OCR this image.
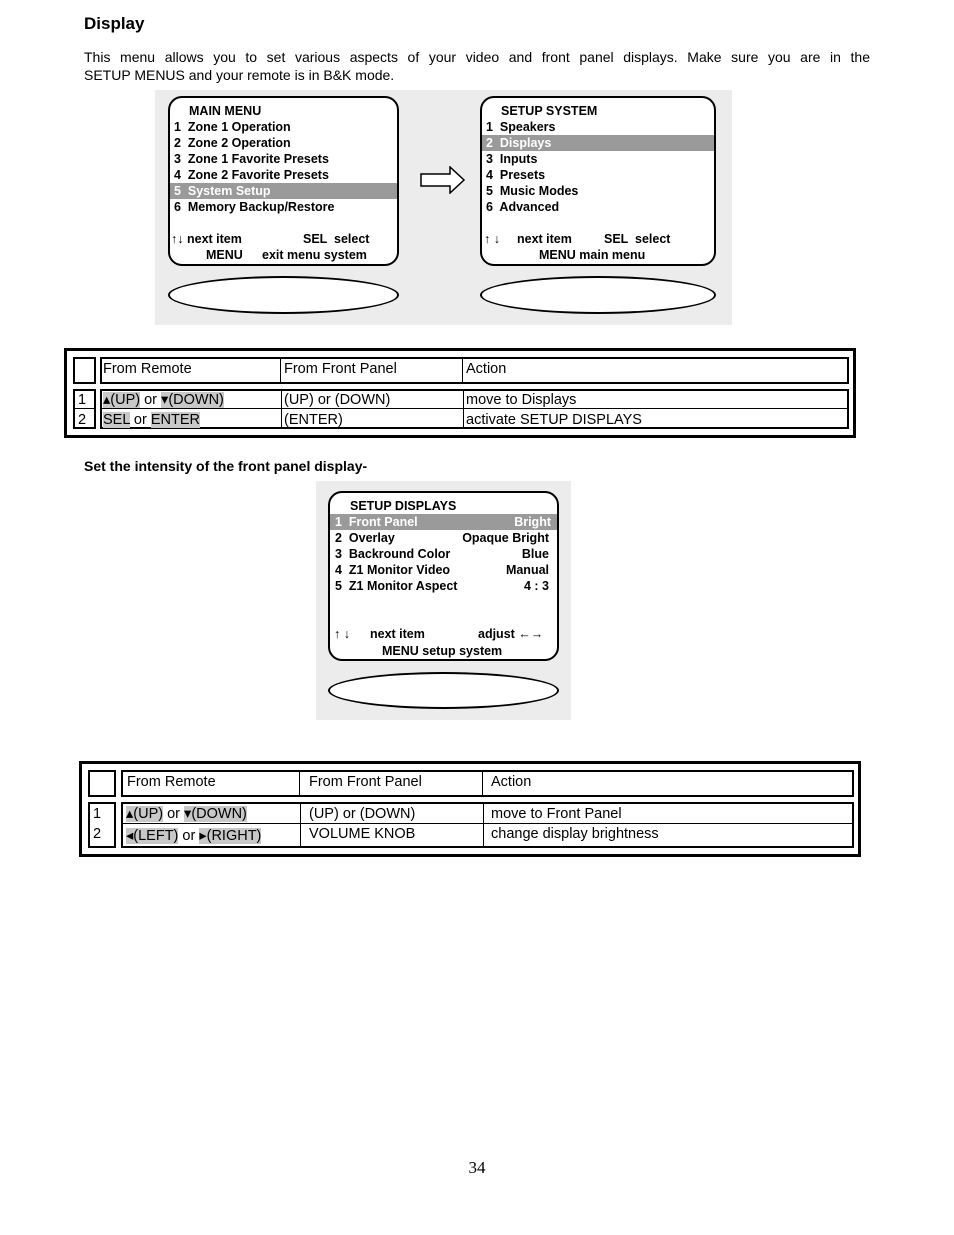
Display
This menu allows you to set various aspects of your video and front panel displays. Make sure you are in the
SETUP MENUS and your remote is in B&K mode.
MAIN MENU
1  Zone 1 Operation
2  Zone 2 Operation
3  Zone 1 Favorite Presets
4  Zone 2 Favorite Presets
5  System Setup
6  Memory Backup/Restore
↑↓ next item	SEL  select
MENU	exit menu system
SETUP SYSTEM
1  Speakers
2  Displays
3  Inputs
4  Presets
5  Music Modes
6  Advanced
↑ ↓	next item	SEL  select
MENU main menu
From Remote	From Front Panel	Action
1 ▴(UP) or ▾(DOWN)	(UP) or (DOWN)	move to Displays
2 SEL or ENTER	(ENTER)	activate SETUP DISPLAYS
Set the intensity of the front panel display-
SETUP DISPLAYS
1  Front Panel	Bright
2  Overlay	Opaque Bright
3  Backround Color	Blue
4  Z1 Monitor Video	Manual
5  Z1 Monitor Aspect	4 : 3
↑ ↓	next item	adjust ←→
MENU setup system
From Remote	From Front Panel	Action
1 ▴(UP) or ▾(DOWN)	(UP) or (DOWN)	move to Front Panel
2 ◂(LEFT) or ▸(RIGHT)	VOLUME KNOB	change display brightness
34
